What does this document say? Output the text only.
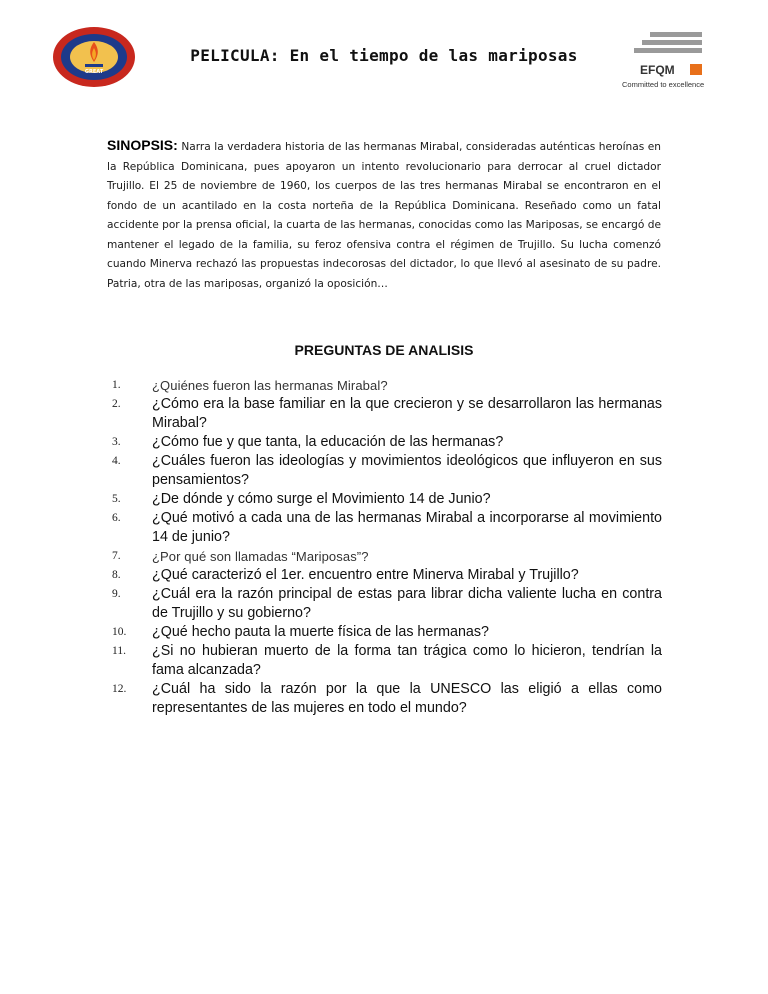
GREAT
PELICULA: En el tiempo de las mariposas
EFQM
Committed to excellence
SINOPSIS: Narra la verdadera historia de las hermanas Mirabal, consideradas auténticas heroínas en la República Dominicana, pues apoyaron un intento revolucionario para derrocar al cruel dictador Trujillo. El 25 de noviembre de 1960, los cuerpos de las tres hermanas Mirabal se encontraron en el fondo de un acantilado en la costa norteña de la República Dominicana. Reseñado como un fatal accidente por la prensa oficial, la cuarta de las hermanas, conocidas como las Mariposas, se encargó de mantener el legado de la familia, su feroz ofensiva contra el régimen de Trujillo. Su lucha comenzó cuando Minerva rechazó las propuestas indecorosas del dictador, lo que llevó al asesinato de su padre. Patria, otra de las mariposas, organizó la oposición…
PREGUNTAS DE ANALISIS
1.	¿Quiénes fueron las hermanas Mirabal?
2.	¿Cómo era la base familiar en la que crecieron y se desarrollaron las hermanas Mirabal?
3.	¿Cómo fue y que tanta, la educación de las hermanas?
4.	¿Cuáles fueron las ideologías y movimientos ideológicos que influyeron en sus pensamientos?
5.	¿De dónde y cómo surge el Movimiento 14 de Junio?
6.	¿Qué motivó a cada una de las hermanas Mirabal a incorporarse al movimiento 14 de junio?
7.	¿Por qué son llamadas “Mariposas”?
8.	¿Qué caracterizó el 1er. encuentro entre Minerva Mirabal y Trujillo?
9.	¿Cuál era la razón principal de estas para librar dicha valiente lucha en contra de Trujillo y su gobierno?
10.	¿Qué hecho pauta la muerte física de las hermanas?
11.	¿Si no hubieran muerto de la forma tan trágica como lo hicieron, tendrían la fama alcanzada?
12.	¿Cuál ha sido la razón por la que la UNESCO las eligió a ellas como representantes de las mujeres en todo el mundo?
